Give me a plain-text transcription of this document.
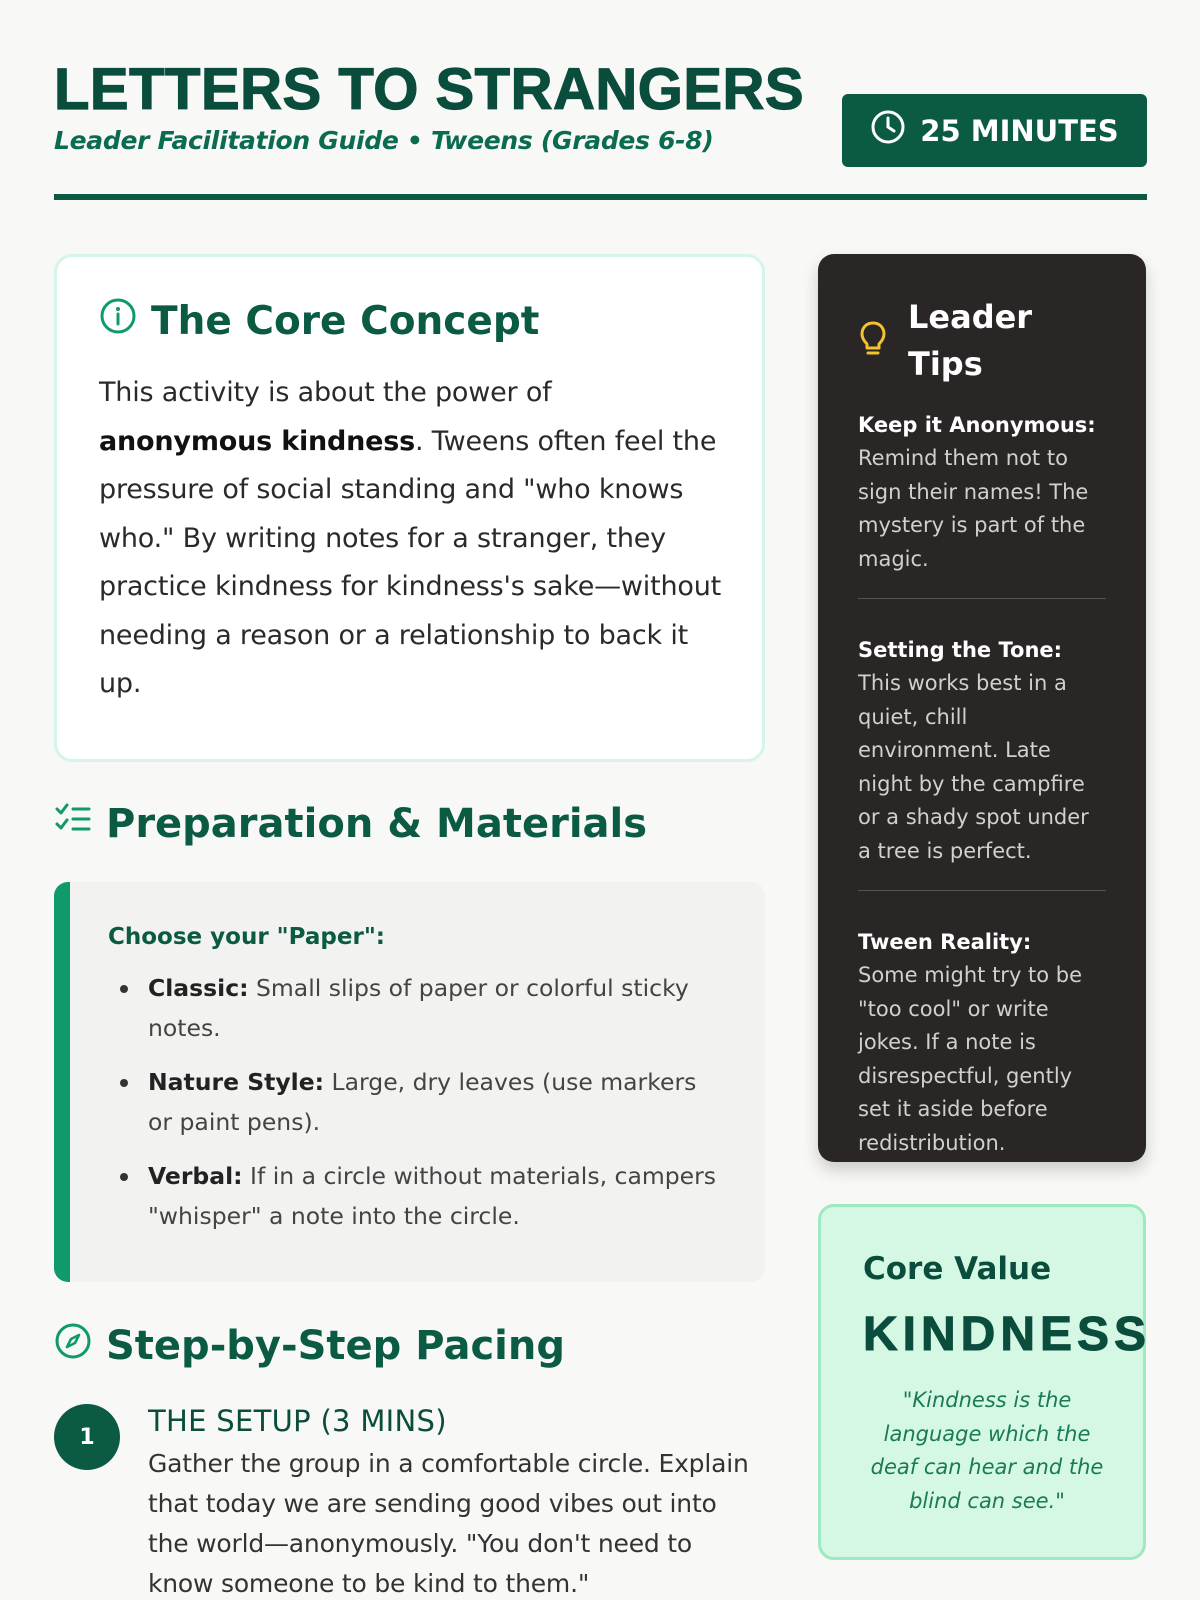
LETTERS TO STRANGERS
Leader Facilitation Guide • Tweens (Grades 6-8)	25 MINUTES
The Core Concept

This activity is about the power of anonymous kindness. Tweens often feel the pressure of social standing and "who knows who." By writing notes for a stranger, they practice kindness for kindness's sake—without needing a reason or a relationship to back it up.

Preparation & Materials
Choose your "Paper":
Classic: Small slips of paper or colorful sticky notes.
Nature Style: Large, dry leaves (use markers or paint pens).
Verbal: If in a circle without materials, campers "whisper" a note into the circle.
Step-by-Step Pacing
1	THE SETUP (3 MINS)
Gather the group in a comfortable circle. Explain that today we are sending good vibes out into the world—anonymously. "You don't need to know someone to be kind to them."
Leader Tips
Keep it Anonymous:
Remind them not to sign their names! The mystery is part of the magic.
Setting the Tone:
This works best in a quiet, chill environment. Late night by the campfire or a shady spot under a tree is perfect.
Tween Reality:
Some might try to be "too cool" or write jokes. If a note is disrespectful, gently set it aside before redistribution.
Core Value
KINDNESS
"Kindness is the language which the deaf can hear and the blind can see."
